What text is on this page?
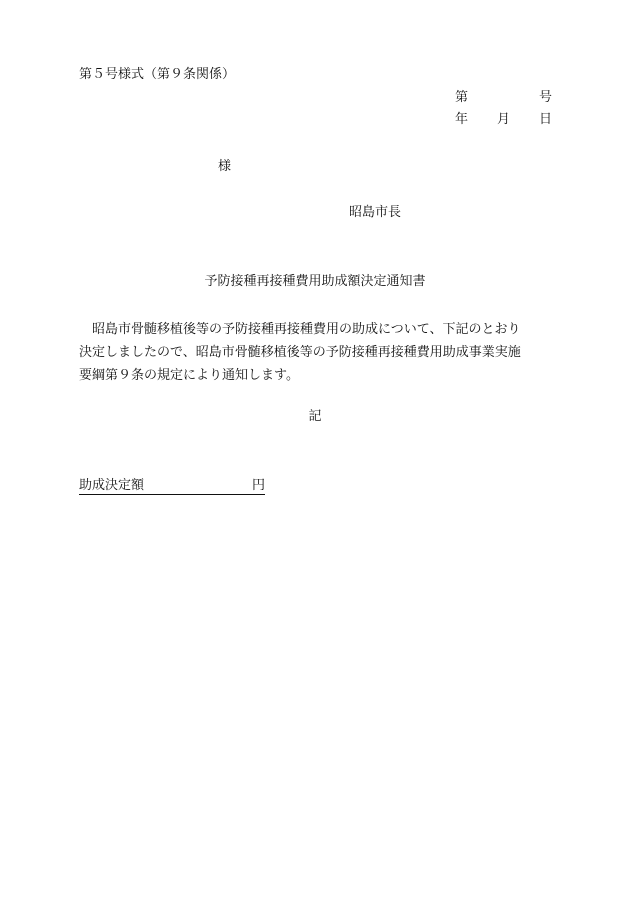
第５号様式（第９条関係）
第	号
年 月 日
様
昭島市長
予防接種再接種費用助成額決定通知書
昭島市骨髄移植後等の予防接種再接種費用の助成について、下記のとおり
決定しましたので、昭島市骨髄移植後等の予防接種再接種費用助成事業実施
要綱第９条の規定により通知します。
記
助成決定額	円
